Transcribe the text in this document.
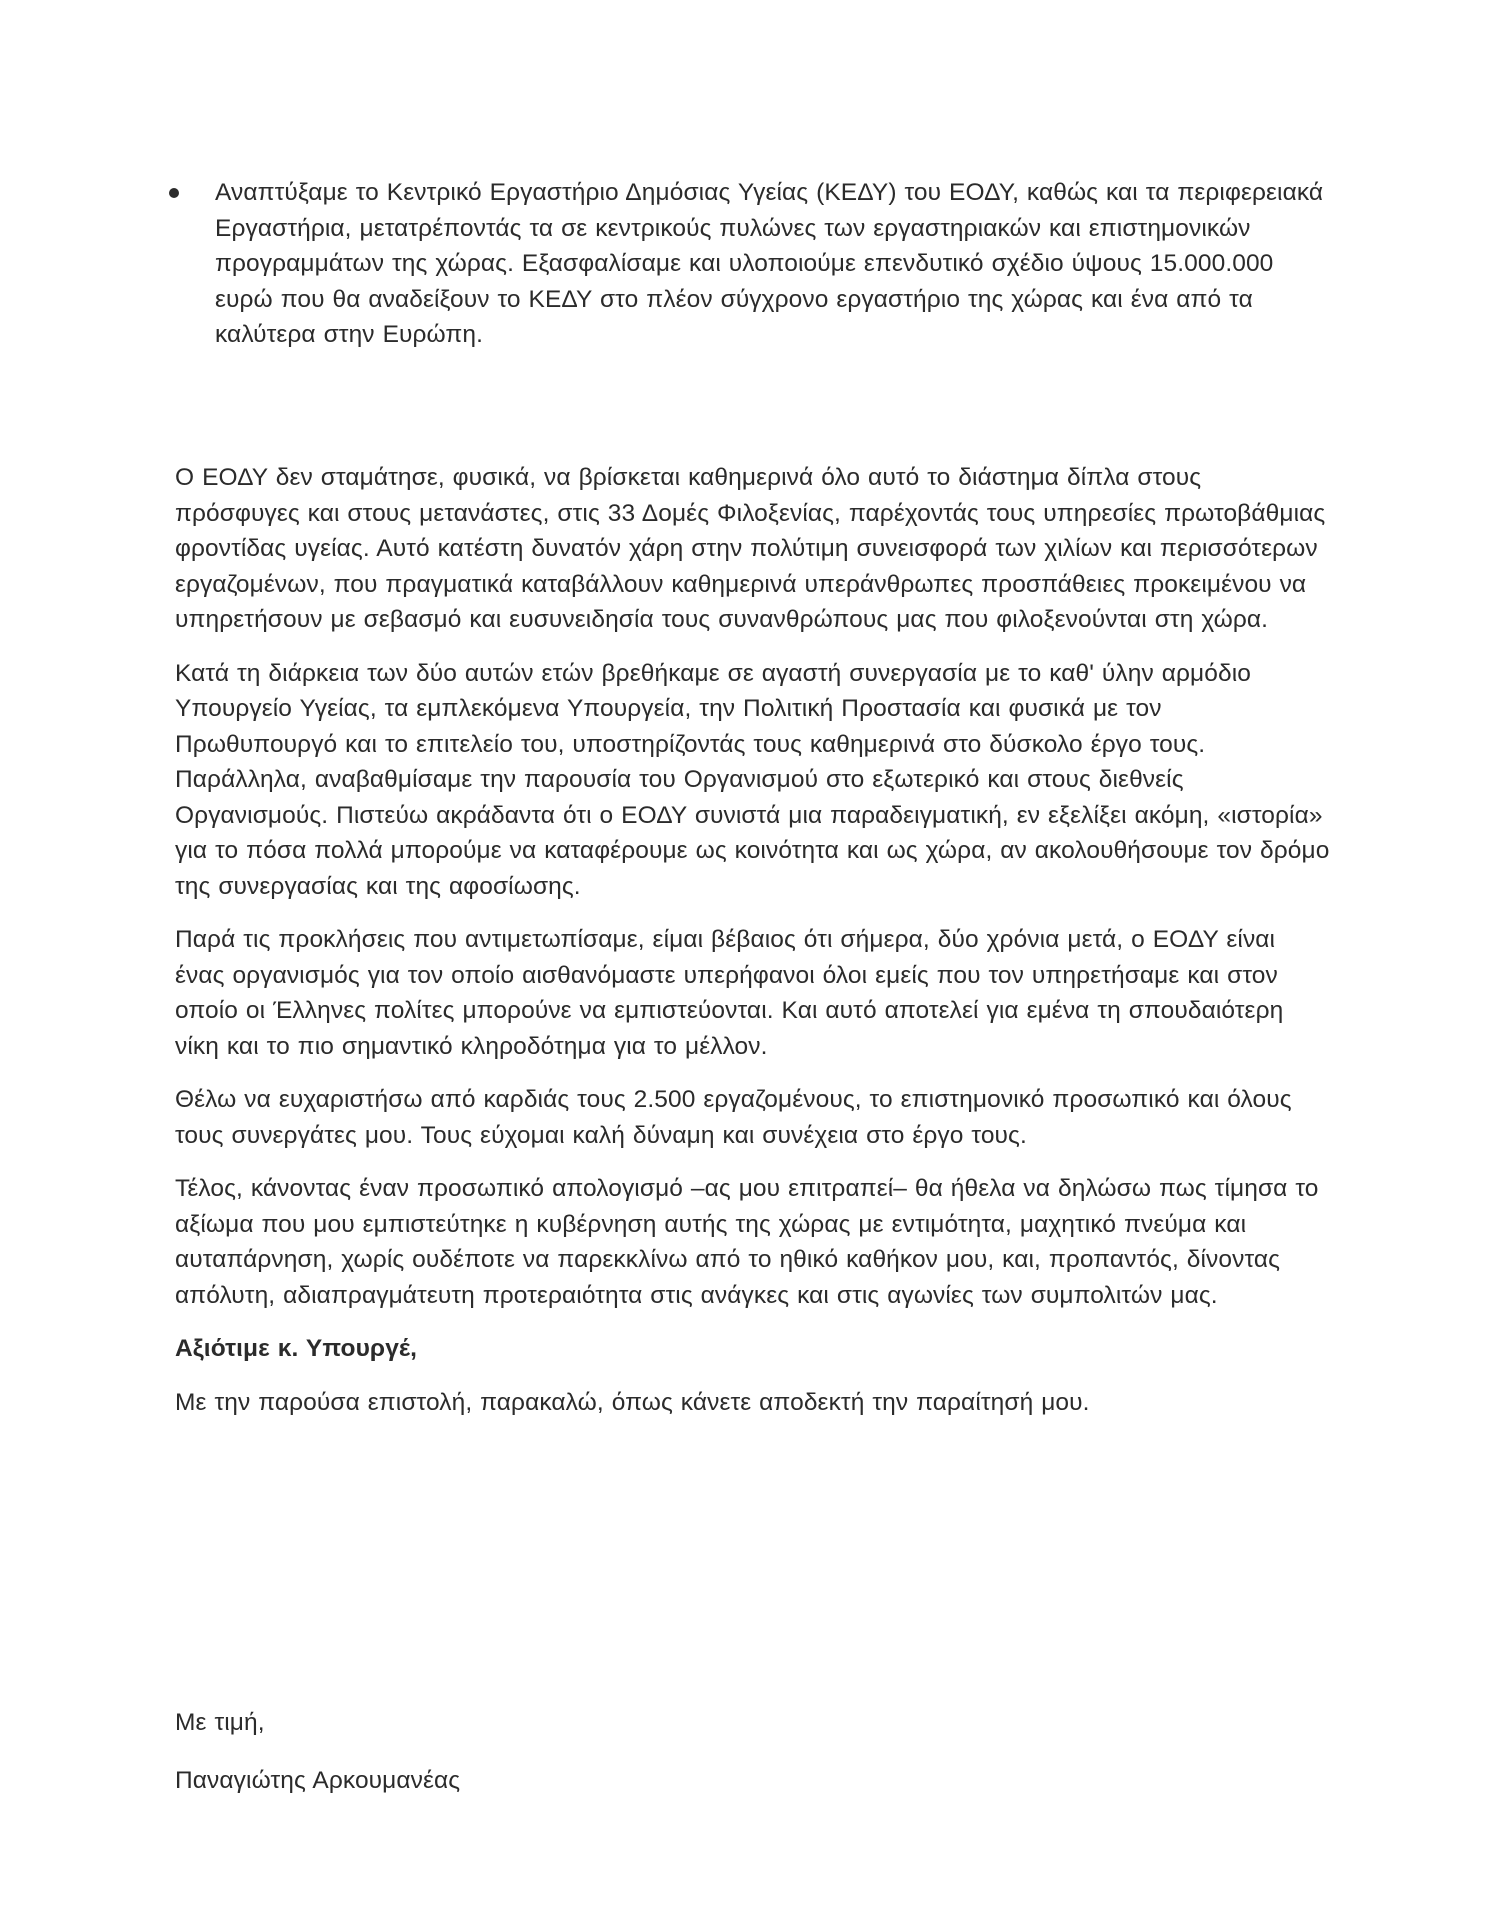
Αναπτύξαμε το Κεντρικό Εργαστήριο Δημόσιας Υγείας (ΚΕΔΥ) του ΕΟΔΥ, καθώς και τα περιφερειακά Εργαστήρια, μετατρέποντάς τα σε κεντρικούς πυλώνες των εργαστηριακών και επιστημονικών προγραμμάτων της χώρας. Εξασφαλίσαμε και υλοποιούμε επενδυτικό σχέδιο ύψους 15.000.000 ευρώ που θα αναδείξουν το ΚΕΔΥ στο πλέον σύγχρονο εργαστήριο της χώρας και ένα από τα καλύτερα στην Ευρώπη.

Ο ΕΟΔΥ δεν σταμάτησε, φυσικά, να βρίσκεται καθημερινά όλο αυτό το διάστημα δίπλα στους πρόσφυγες και στους μετανάστες, στις 33 Δομές Φιλοξενίας, παρέχοντάς τους υπηρεσίες πρωτοβάθμιας φροντίδας υγείας. Αυτό κατέστη δυνατόν χάρη στην πολύτιμη συνεισφορά των χιλίων και περισσότερων εργαζομένων, που πραγματικά καταβάλλουν καθημερινά υπεράνθρωπες προσπάθειες προκειμένου να υπηρετήσουν με σεβασμό και ευσυνειδησία τους συνανθρώπους μας που φιλοξενούνται στη χώρα.

Κατά τη διάρκεια των δύο αυτών ετών βρεθήκαμε σε αγαστή συνεργασία με το καθ' ύλην αρμόδιο Υπουργείο Υγείας, τα εμπλεκόμενα Υπουργεία, την Πολιτική Προστασία και φυσικά με τον Πρωθυπουργό και το επιτελείο του, υποστηρίζοντάς τους καθημερινά στο δύσκολο έργο τους. Παράλληλα, αναβαθμίσαμε την παρουσία του Οργανισμού στο εξωτερικό και στους διεθνείς Οργανισμούς. Πιστεύω ακράδαντα ότι ο ΕΟΔΥ συνιστά μια παραδειγματική, εν εξελίξει ακόμη, «ιστορία» για το πόσα πολλά μπορούμε να καταφέρουμε ως κοινότητα και ως χώρα, αν ακολουθήσουμε τον δρόμο της συνεργασίας και της αφοσίωσης.

Παρά τις προκλήσεις που αντιμετωπίσαμε, είμαι βέβαιος ότι σήμερα, δύο χρόνια μετά, ο ΕΟΔΥ είναι ένας οργανισμός για τον οποίο αισθανόμαστε υπερήφανοι όλοι εμείς που τον υπηρετήσαμε και στον οποίο οι Έλληνες πολίτες μπορούνε να εμπιστεύονται. Και αυτό αποτελεί για εμένα τη σπουδαιότερη νίκη και το πιο σημαντικό κληροδότημα για το μέλλον.

Θέλω να ευχαριστήσω από καρδιάς τους 2.500 εργαζομένους, το επιστημονικό προσωπικό και όλους τους συνεργάτες μου. Τους εύχομαι καλή δύναμη και συνέχεια στο έργο τους.

Τέλος, κάνοντας έναν προσωπικό απολογισμό –ας μου επιτραπεί– θα ήθελα να δηλώσω πως τίμησα το αξίωμα που μου εμπιστεύτηκε η κυβέρνηση αυτής της χώρας με εντιμότητα, μαχητικό πνεύμα και αυταπάρνηση, χωρίς ουδέποτε να παρεκκλίνω από το ηθικό καθήκον μου, και, προπαντός, δίνοντας απόλυτη, αδιαπραγμάτευτη προτεραιότητα στις ανάγκες και στις αγωνίες των συμπολιτών μας.

Αξιότιμε κ. Υπουργέ,

Με την παρούσα επιστολή, παρακαλώ, όπως κάνετε αποδεκτή την παραίτησή μου.

Με τιμή,

Παναγιώτης Αρκουμανέας
